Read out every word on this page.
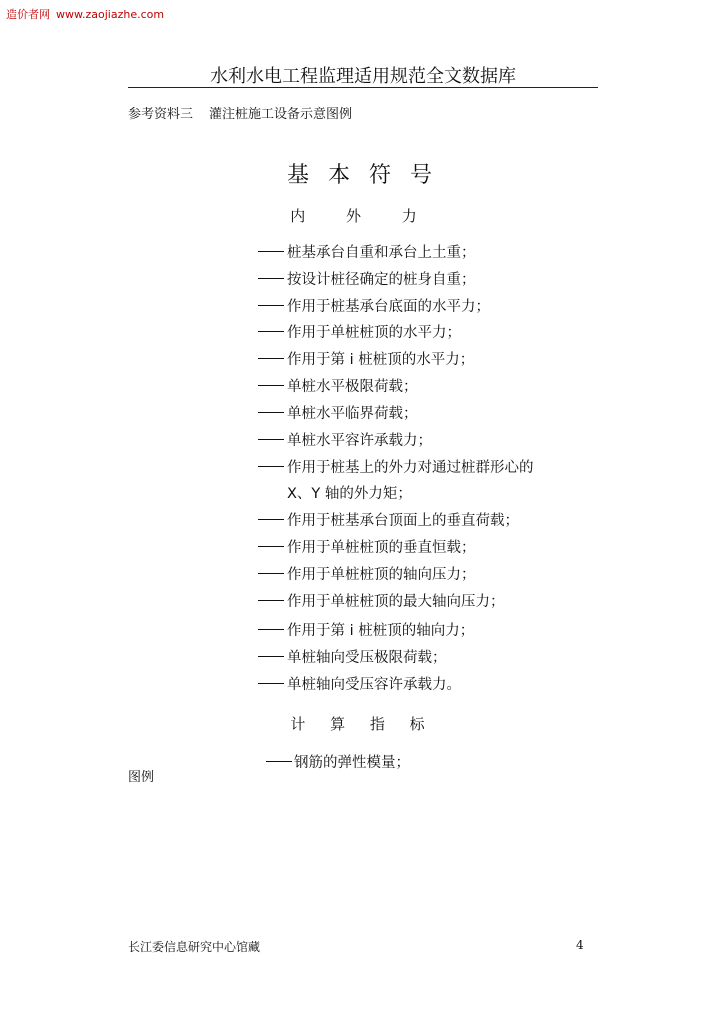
造价者网 www.zaojiazhe.com
水利水电工程监理适用规范全文数据库
参考资料三 灌注桩施工设备示意图例
基 本 符 号
内 外 力
桩基承台自重和承台上土重；
按设计桩径确定的桩身自重；
作用于桩基承台底面的水平力；
作用于单桩桩顶的水平力；
作用于第 i 桩桩顶的水平力；
单桩水平极限荷载；
单桩水平临界荷载；
单桩水平容许承载力；
作用于桩基上的外力对通过桩群形心的
X、Y 轴的外力矩；
作用于桩基承台顶面上的垂直荷载；
作用于单桩桩顶的垂直恒载；
作用于单桩桩顶的轴向压力；
作用于单桩桩顶的最大轴向压力；
作用于第 i 桩桩顶的轴向力；
单桩轴向受压极限荷载；
单桩轴向受压容许承载力。
计 算 指 标
钢筋的弹性模量；
图例
长江委信息研究中心馆藏	4
